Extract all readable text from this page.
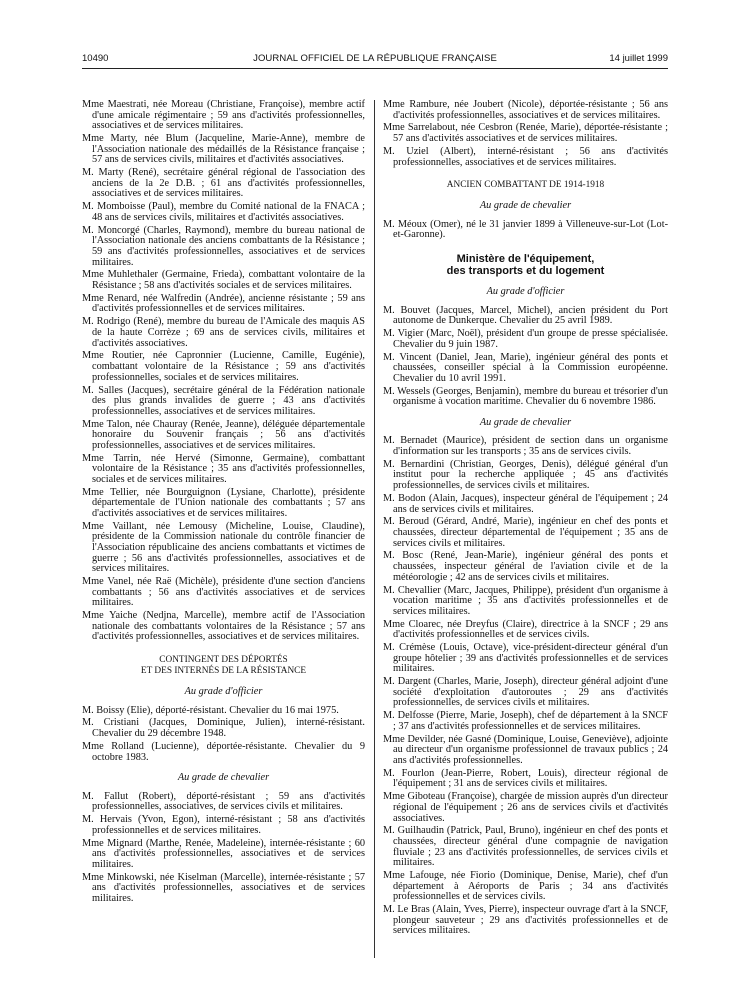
10490	JOURNAL OFFICIEL DE LA RÉPUBLIQUE FRANÇAISE	14 juillet 1999

Mme Maestrati, née Moreau (Christiane, Françoise), membre actif d'une amicale régimentaire ; 59 ans d'activités professionnelles, associatives et de services militaires.

Mme Marty, née Blum (Jacqueline, Marie-Anne), membre de l'Association nationale des médaillés de la Résistance française ; 57 ans de services civils, militaires et d'activités associatives.

M. Marty (René), secrétaire général régional de l'association des anciens de la 2e D.B. ; 61 ans d'activités professionnelles, associatives et de services militaires.

M. Momboisse (Paul), membre du Comité national de la FNACA ; 48 ans de services civils, militaires et d'activités associatives.

M. Moncorgé (Charles, Raymond), membre du bureau national de l'Association nationale des anciens combattants de la Résistance ; 59 ans d'activités professionnelles, associatives et de services militaires.

Mme Muhlethaler (Germaine, Frieda), combattant volontaire de la Résistance ; 58 ans d'activités sociales et de services militaires.

Mme Renard, née Walfredin (Andrée), ancienne résistante ; 59 ans d'activités professionnelles et de services militaires.

M. Rodrigo (René), membre du bureau de l'Amicale des maquis AS de la haute Corrèze ; 69 ans de services civils, militaires et d'activités associatives.

Mme Routier, née Capronnier (Lucienne, Camille, Eugénie), combattant volontaire de la Résistance ; 59 ans d'activités professionnelles, sociales et de services militaires.

M. Salles (Jacques), secrétaire général de la Fédération nationale des plus grands invalides de guerre ; 43 ans d'activités professionnelles, associatives et de services militaires.

Mme Talon, née Chauray (Renée, Jeanne), déléguée départementale honoraire du Souvenir français ; 56 ans d'activités professionnelles, associatives et de services militaires.

Mme Tarrin, née Hervé (Simonne, Germaine), combattant volontaire de la Résistance ; 35 ans d'activités professionnelles, sociales et de services militaires.

Mme Tellier, née Bourguignon (Lysiane, Charlotte), présidente départementale de l'Union nationale des combattants ; 57 ans d'activités associatives et de services militaires.

Mme Vaillant, née Lemousy (Micheline, Louise, Claudine), présidente de la Commission nationale du contrôle financier de l'Association républicaine des anciens combattants et victimes de guerre ; 56 ans d'activités professionnelles, associatives et de services militaires.

Mme Vanel, née Raë (Michèle), présidente d'une section d'anciens combattants ; 56 ans d'activités associatives et de services militaires.

Mme Yaiche (Nedjna, Marcelle), membre actif de l'Association nationale des combattants volontaires de la Résistance ; 57 ans d'activités professionnelles, associatives et de services militaires.

CONTINGENT DES DÉPORTÉS
ET DES INTERNÉS DE LA RÉSISTANCE
Au grade d'officier

M. Boissy (Elie), déporté-résistant. Chevalier du 16 mai 1975.

M. Cristiani (Jacques, Dominique, Julien), interné-résistant. Chevalier du 29 décembre 1948.

Mme Rolland (Lucienne), déportée-résistante. Chevalier du 9 octobre 1983.

Au grade de chevalier

M. Fallut (Robert), déporté-résistant ; 59 ans d'activités professionnelles, associatives, de services civils et militaires.

M. Hervais (Yvon, Egon), interné-résistant ; 58 ans d'activités professionnelles et de services militaires.

Mme Mignard (Marthe, Renée, Madeleine), internée-résistante ; 60 ans d'activités professionnelles, associatives et de services militaires.

Mme Minkowski, née Kiselman (Marcelle), internée-résistante ; 57 ans d'activités professionnelles, associatives et de services militaires.

Mme Rambure, née Joubert (Nicole), déportée-résistante ; 56 ans d'activités professionnelles, associatives et de services militaires.

Mme Sarrelabout, née Cesbron (Renée, Marie), déportée-résistante ; 57 ans d'activités associatives et de services militaires.

M. Uziel (Albert), interné-résistant ; 56 ans d'activités professionnelles, associatives et de services militaires.

ANCIEN COMBATTANT DE 1914-1918
Au grade de chevalier

M. Méoux (Omer), né le 31 janvier 1899 à Villeneuve-sur-Lot (Lot-et-Garonne).

Ministère de l'équipement,
des transports et du logement
Au grade d'officier

M. Bouvet (Jacques, Marcel, Michel), ancien président du Port autonome de Dunkerque. Chevalier du 25 avril 1989.

M. Vigier (Marc, Noël), président d'un groupe de presse spécialisée. Chevalier du 9 juin 1987.

M. Vincent (Daniel, Jean, Marie), ingénieur général des ponts et chaussées, conseiller spécial à la Commission européenne. Chevalier du 10 avril 1991.

M. Wessels (Georges, Benjamin), membre du bureau et trésorier d'un organisme à vocation maritime. Chevalier du 6 novembre 1986.

Au grade de chevalier

M. Bernadet (Maurice), président de section dans un organisme d'information sur les transports ; 35 ans de services civils.

M. Bernardini (Christian, Georges, Denis), délégué général d'un institut pour la recherche appliquée ; 45 ans d'activités professionnelles, de services civils et militaires.

M. Bodon (Alain, Jacques), inspecteur général de l'équipement ; 24 ans de services civils et militaires.

M. Beroud (Gérard, André, Marie), ingénieur en chef des ponts et chaussées, directeur départemental de l'équipement ; 35 ans de services civils et militaires.

M. Bosc (René, Jean-Marie), ingénieur général des ponts et chaussées, inspecteur général de l'aviation civile et de la météorologie ; 42 ans de services civils et militaires.

M. Chevallier (Marc, Jacques, Philippe), président d'un organisme à vocation maritime ; 35 ans d'activités professionnelles et de services militaires.

Mme Cloarec, née Dreyfus (Claire), directrice à la SNCF ; 29 ans d'activités professionnelles et de services civils.

M. Crémèse (Louis, Octave), vice-président-directeur général d'un groupe hôtelier ; 39 ans d'activités professionnelles et de services militaires.

M. Dargent (Charles, Marie, Joseph), directeur général adjoint d'une société d'exploitation d'autoroutes ; 29 ans d'activités professionnelles, de services civils et militaires.

M. Delfosse (Pierre, Marie, Joseph), chef de département à la SNCF ; 37 ans d'activités professionnelles et de services militaires.

Mme Devilder, née Gasné (Dominique, Louise, Geneviève), adjointe au directeur d'un organisme professionnel de travaux publics ; 24 ans d'activités professionnelles.

M. Fourlon (Jean-Pierre, Robert, Louis), directeur régional de l'équipement ; 31 ans de services civils et militaires.

Mme Giboteau (Françoise), chargée de mission auprès d'un directeur régional de l'équipement ; 26 ans de services civils et d'activités associatives.

M. Guilhaudin (Patrick, Paul, Bruno), ingénieur en chef des ponts et chaussées, directeur général d'une compagnie de navigation fluviale ; 23 ans d'activités professionnelles, de services civils et militaires.

Mme Lafouge, née Fiorio (Dominique, Denise, Marie), chef d'un département à Aéroports de Paris ; 34 ans d'activités professionnelles et de services civils.

M. Le Bras (Alain, Yves, Pierre), inspecteur ouvrage d'art à la SNCF, plongeur sauveteur ; 29 ans d'activités professionnelles et de services militaires.
